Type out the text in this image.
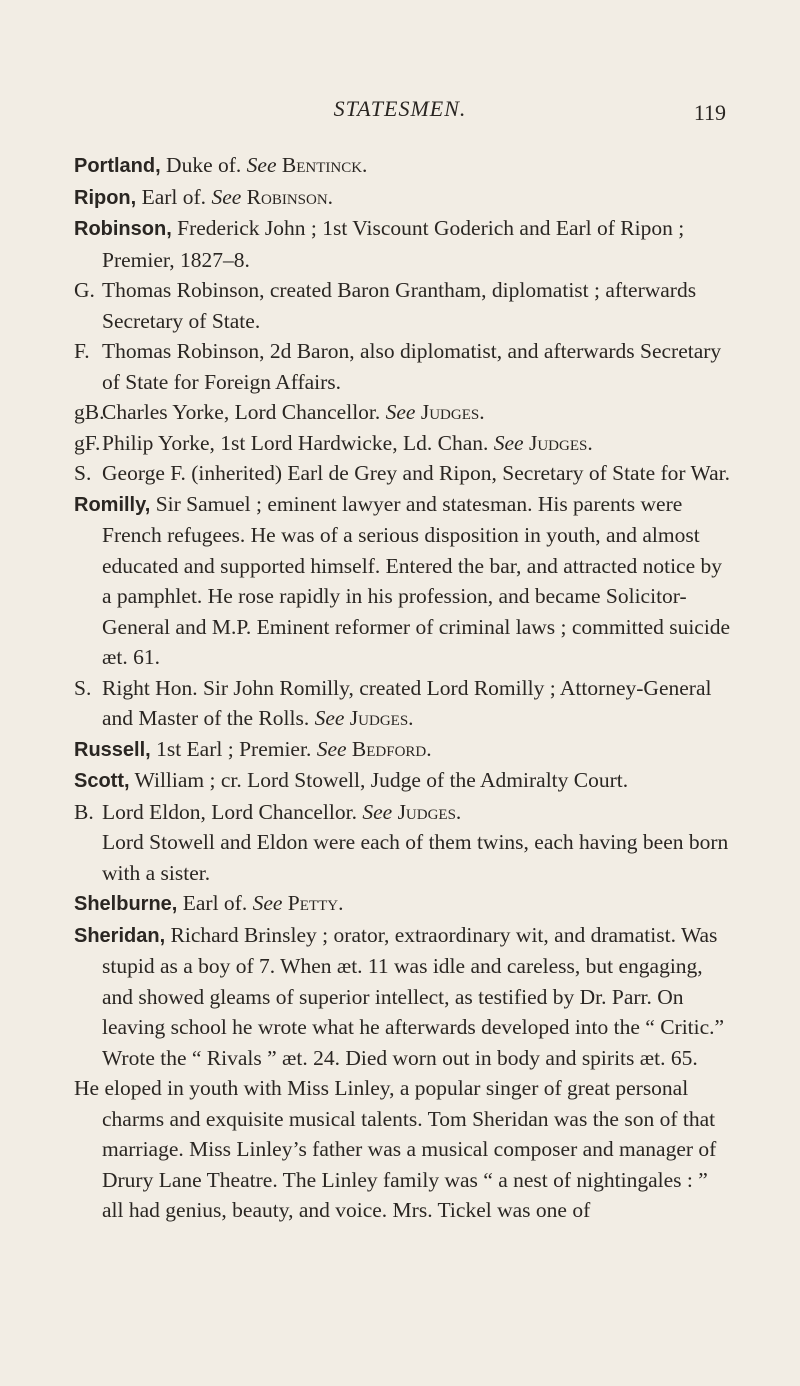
STATESMEN.	119

Portland, Duke of. See Bentinck.

Ripon, Earl of. See Robinson.

Robinson, Frederick John ; 1st Viscount Goderich and Earl of Ripon ; Premier, 1827–8.

G. Thomas Robinson, created Baron Grantham, diplomatist ; afterwards Secretary of State.

F. Thomas Robinson, 2d Baron, also diplomatist, and afterwards Secretary of State for Foreign Affairs.

gB.Charles Yorke, Lord Chancellor. See Judges.

gF.Philip Yorke, 1st Lord Hardwicke, Ld. Chan. See Judges.

S. George F. (inherited) Earl de Grey and Ripon, Secretary of State for War.

Romilly, Sir Samuel ; eminent lawyer and statesman. His parents were French refugees. He was of a serious disposition in youth, and almost educated and supported himself. Entered the bar, and attracted notice by a pamphlet. He rose rapidly in his profession, and became Solicitor-General and M.P. Eminent reformer of criminal laws ; committed suicide æt. 61.

S. Right Hon. Sir John Romilly, created Lord Romilly ; Attorney-General and Master of the Rolls. See Judges.

Russell, 1st Earl ; Premier. See Bedford.

Scott, William ; cr. Lord Stowell, Judge of the Admiralty Court.

B. Lord Eldon, Lord Chancellor. See Judges.

Lord Stowell and Eldon were each of them twins, each having been born with a sister.

Shelburne, Earl of. See Petty.

Sheridan, Richard Brinsley ; orator, extraordinary wit, and dramatist. Was stupid as a boy of 7. When æt. 11 was idle and careless, but engaging, and showed gleams of superior intellect, as testified by Dr. Parr. On leaving school he wrote what he afterwards developed into the “ Critic.” Wrote the “ Rivals ” æt. 24. Died worn out in body and spirits æt. 65.

He eloped in youth with Miss Linley, a popular singer of great personal charms and exquisite musical talents. Tom Sheridan was the son of that marriage. Miss Linley’s father was a musical composer and manager of Drury Lane Theatre. The Linley family was “ a nest of nightingales : ” all had genius, beauty, and voice. Mrs. Tickel was one of
